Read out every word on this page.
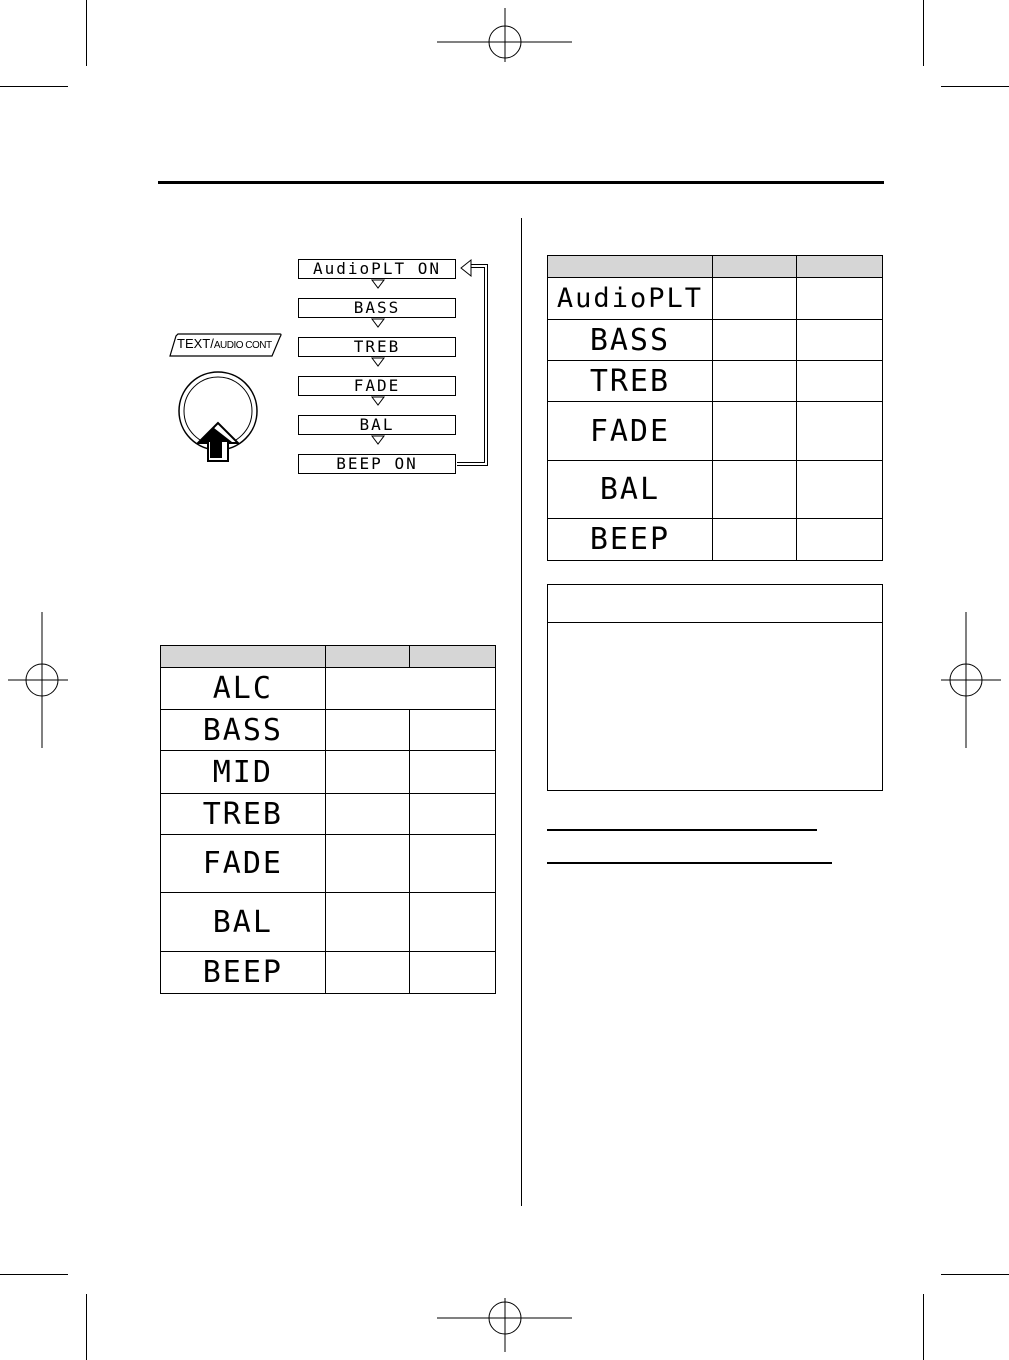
TEXT/AUDIO CONT
AudioPLT ON
BASS
TREB
FADE
BAL
BEEP ON

ALC		
BASS		
MID		
TREB		
FADE		
BAL		
BEEP		

AudioPLT		
BASS		
TREB		
FADE		
BAL		
BEEP		
